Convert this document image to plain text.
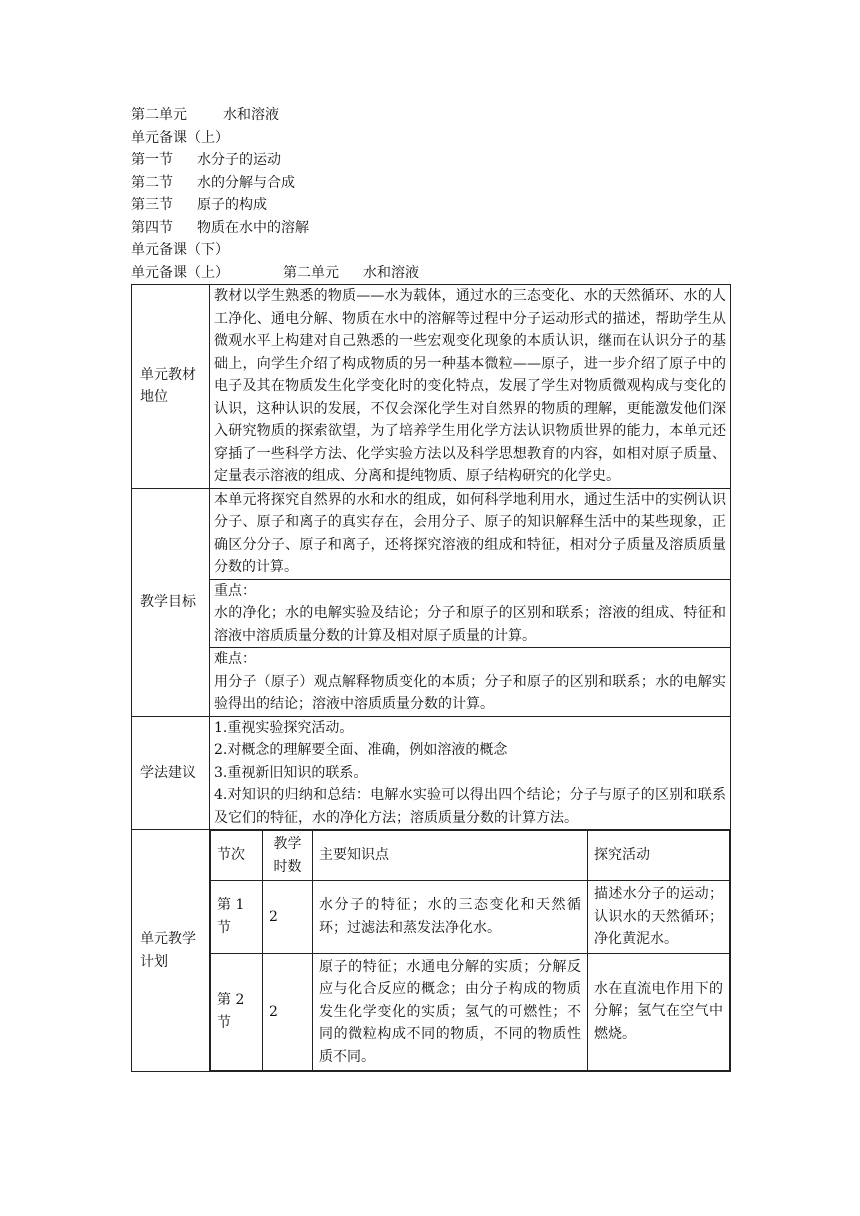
第二单元	水和溶液
单元备课（上）
第一节 水分子的运动
第二节 水的分解与合成
第三节 原子的构成
第四节 物质在水中的溶解
单元备课（下）
单元备课（上）	第二单元 水和溶液
单元教材地位	教材以学生熟悉的物质——水为载体，通过水的三态变化、水的天然循环、水的人工净化、通电分解、物质在水中的溶解等过程中分子运动形式的描述，帮助学生从微观水平上构建对自己熟悉的一些宏观变化现象的本质认识，继而在认识分子的基础上，向学生介绍了构成物质的另一种基本微粒——原子，进一步介绍了原子中的电子及其在物质发生化学变化时的变化特点，发展了学生对物质微观构成与变化的认识，这种认识的发展，不仅会深化学生对自然界的物质的理解，更能激发他们深入研究物质的探索欲望，为了培养学生用化学方法认识物质世界的能力，本单元还穿插了一些科学方法、化学实验方法以及科学思想教育的内容，如相对原子质量、定量表示溶液的组成、分离和提纯物质、原子结构研究的化学史。
教学目标	本单元将探究自然界的水和水的组成，如何科学地利用水，通过生活中的实例认识分子、原子和离子的真实存在，会用分子、原子的知识解释生活中的某些现象，正确区分分子、原子和离子，还将探究溶液的组成和特征，相对分子质量及溶质质量分数的计算。

重点：
水的净化；水的电解实验及结论；分子和原子的区别和联系；溶液的组成、特征和溶液中溶质质量分数的计算及相对原子质量的计算。

难点：
用分子（原子）观点解释物质变化的本质；分子和原子的区别和联系；水的电解实验得出的结论；溶液中溶质质量分数的计算。

学法建议	
1.重视实验探究活动。
2.对概念的理解要全面、准确，例如溶液的概念
3.重视新旧知识的联系。
4.对知识的归纳和总结：电解水实验可以得出四个结论；分子与原子的区别和联系及它们的特征，水的净化方法；溶质质量分数的计算方法。

单元教学计划	
节次	教学时数	主要知识点	探究活动
第 1 节	2	水分子的特征；水的三态变化和天然循环；过滤法和蒸发法净化水。	描述水分子的运动；认识水的天然循环；净化黄泥水。
第 2 节	2	原子的特征；水通电分解的实质；分解反应与化合反应的概念；由分子构成的物质发生化学变化的实质；氢气的可燃性；不同的微粒构成不同的物质，不同的物质性质不同。	水在直流电作用下的分解；氢气在空气中燃烧。
